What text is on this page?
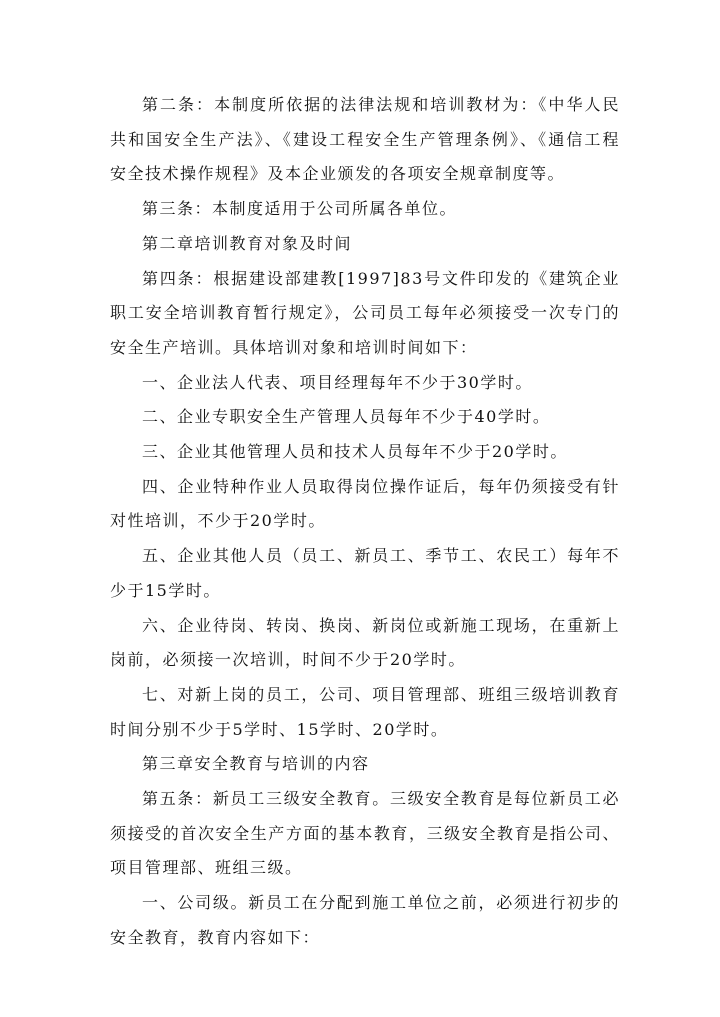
第二条：本制度所依据的法律法规和培训教材为：《中华人民共和国安全生产法》、《建设工程安全生产管理条例》、《通信工程安全技术操作规程》及本企业颁发的各项安全规章制度等。

第三条：本制度适用于公司所属各单位。

第二章培训教育对象及时间

第四条：根据建设部建教[1997]83号文件印发的《建筑企业职工安全培训教育暂行规定》，公司员工每年必须接受一次专门的安全生产培训。具体培训对象和培训时间如下：

一、企业法人代表、项目经理每年不少于30学时。

二、企业专职安全生产管理人员每年不少于40学时。

三、企业其他管理人员和技术人员每年不少于20学时。

四、企业特种作业人员取得岗位操作证后，每年仍须接受有针对性培训，不少于20学时。

五、企业其他人员（员工、新员工、季节工、农民工）每年不少于15学时。

六、企业待岗、转岗、换岗、新岗位或新施工现场，在重新上岗前，必须接一次培训，时间不少于20学时。

七、对新上岗的员工，公司、项目管理部、班组三级培训教育时间分别不少于5学时、15学时、20学时。

第三章安全教育与培训的内容

第五条：新员工三级安全教育。三级安全教育是每位新员工必须接受的首次安全生产方面的基本教育，三级安全教育是指公司、项目管理部、班组三级。

一、公司级。新员工在分配到施工单位之前，必须进行初步的安全教育，教育内容如下：
